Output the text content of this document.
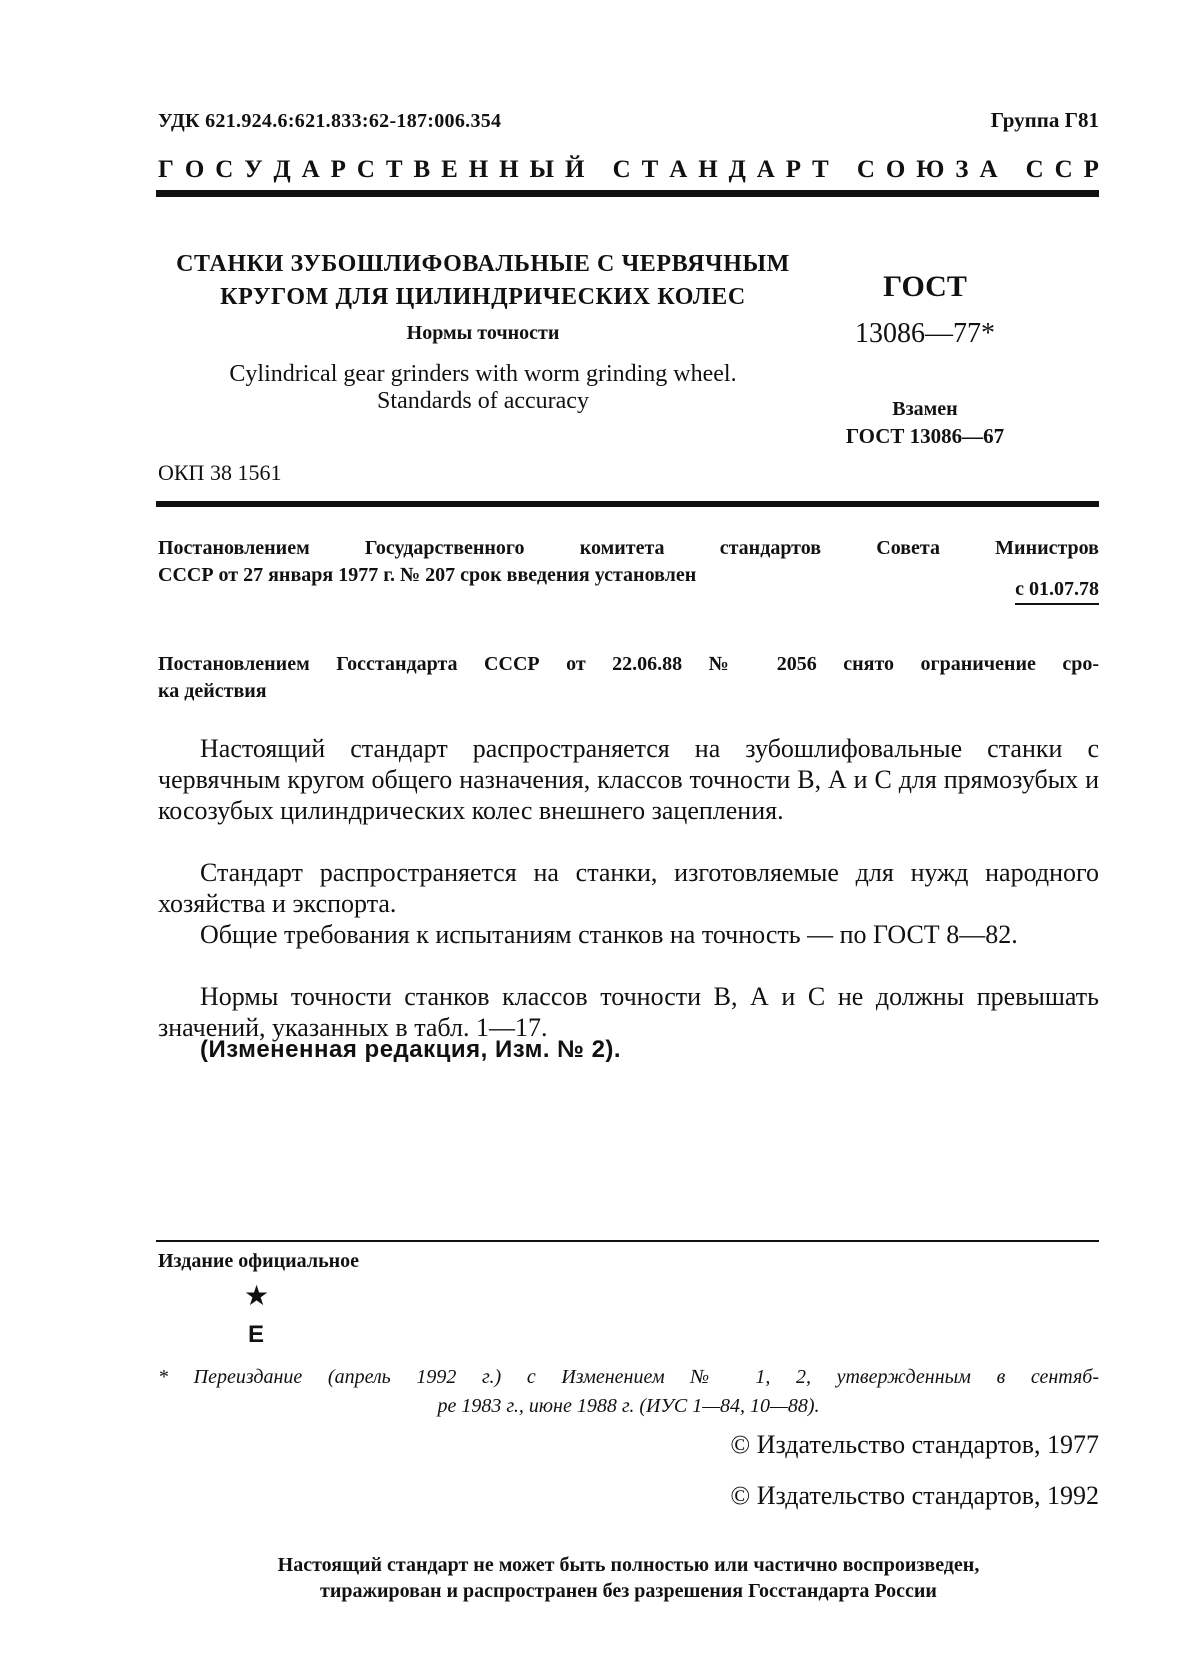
УДК 621.924.6:621.833:62-187:006.354	Группа Г81
Г О С У Д А Р С Т В Е Н Н Ы Й
С Т А Н Д А Р Т
С О Ю З А
С С Р
СТАНКИ ЗУБОШЛИФОВАЛЬНЫЕ С ЧЕРВЯЧНЫМ
КРУГОМ ДЛЯ ЦИЛИНДРИЧЕСКИХ КОЛЕС
Нормы точности
Cylindrical gear grinders with worm grinding wheel.
Standards of accuracy
ГОСТ
13086—77*
Взамен
ГОСТ 13086—67
ОКП 38 1561
Постановлением Государственного комитета стандартов Совета Министров
СССР от 27 января 1977 г. № 207 срок введения установлен
с 01.07.78
Постановлением Госстандарта СССР от 22.06.88 № 2056 снято ограничение сро-
ка действия
Настоящий стандарт распространяется на зубошлифовальные станки с червячным кругом общего назначения, классов точности В, А и С для прямозубых и косозубых цилиндрических колес внешнего зацепления.
Стандарт распространяется на станки, изготовляемые для нужд народного хозяйства и экспорта.
Общие требования к испытаниям станков на точность — по ГОСТ 8—82.
Нормы точности станков классов точности В, А и С не должны превышать значений, указанных в табл. 1—17.
(Измененная редакция, Изм. № 2).
Издание официальное
★
Е
* Переиздание (апрель 1992 г.) с Изменением № 1, 2, утвержденным в сентяб-
ре 1983 г., июне 1988 г. (ИУС 1—84, 10—88).
© Издательство стандартов, 1977
© Издательство стандартов, 1992
Настоящий стандарт не может быть полностью или частично воспроизведен,
тиражирован и распространен без разрешения Госстандарта России
